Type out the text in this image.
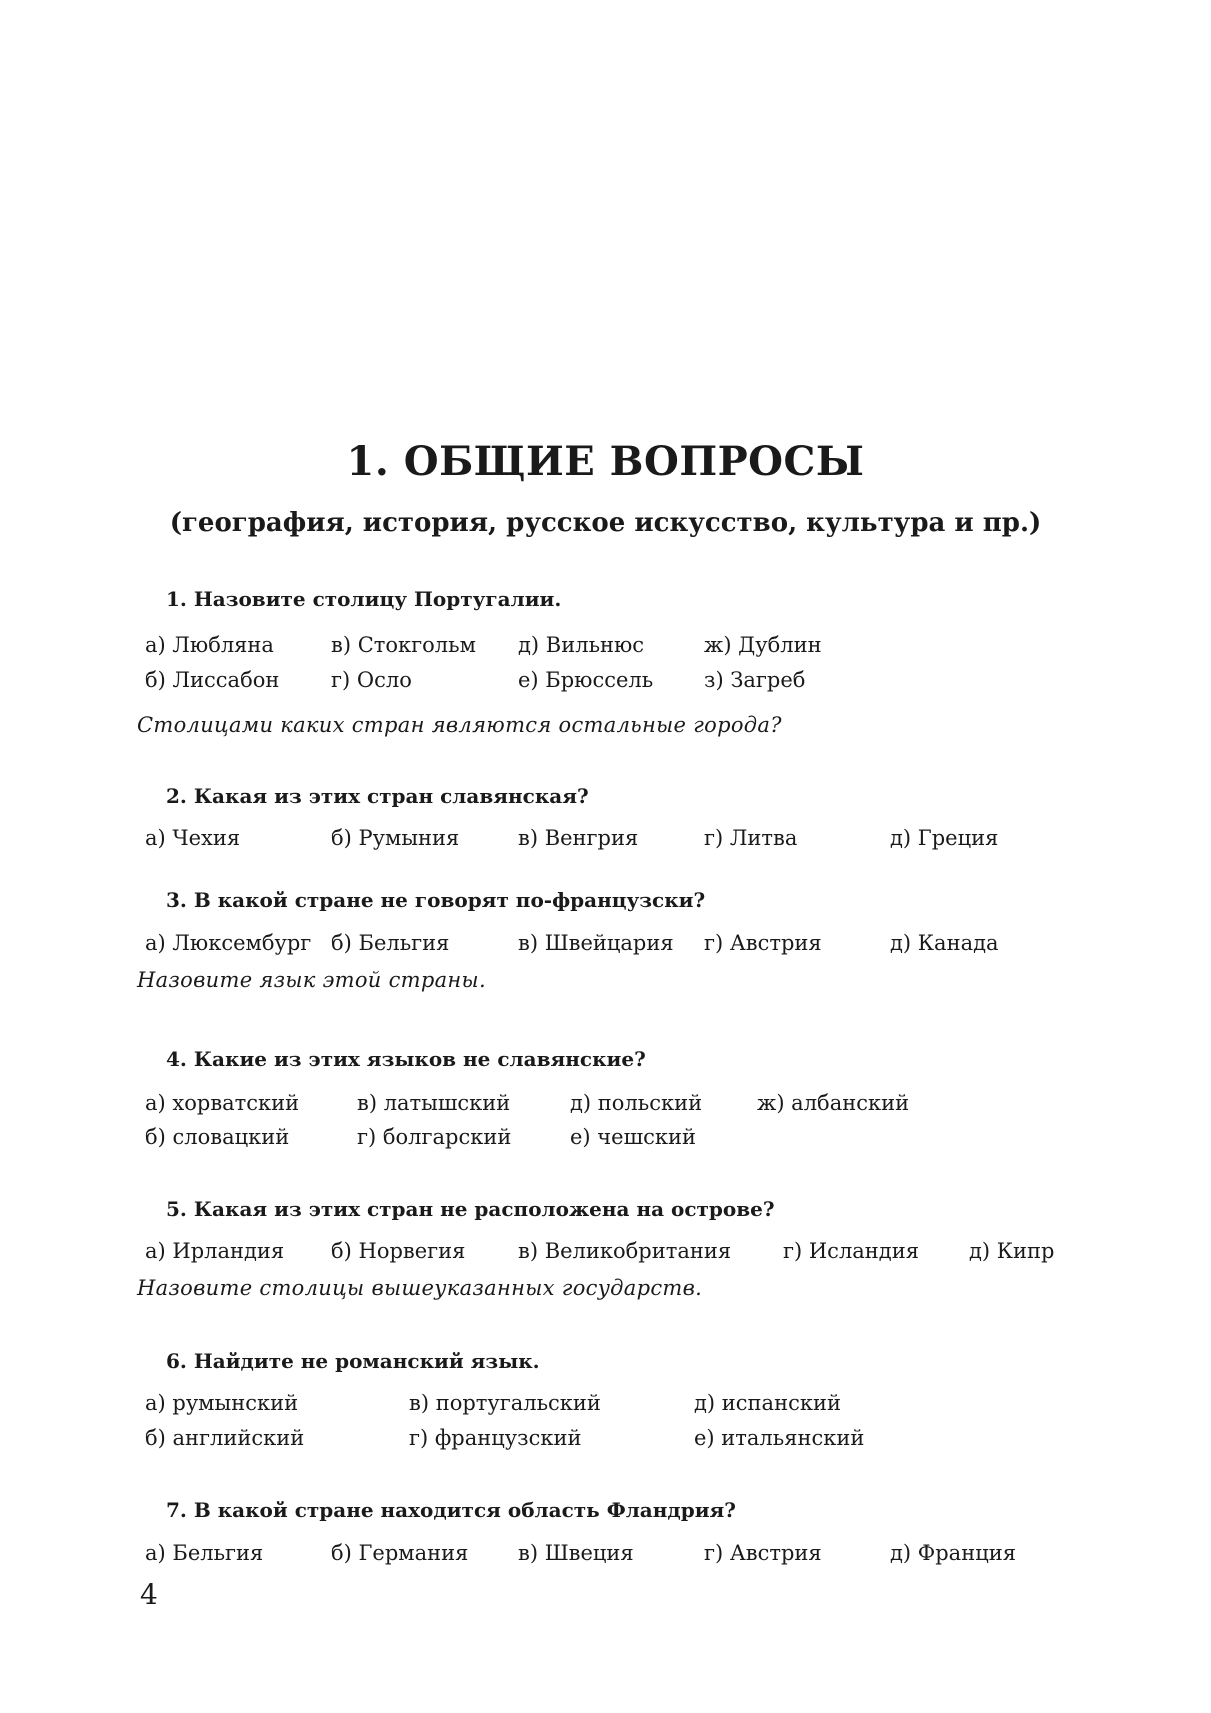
1. ОБЩИЕ ВОПРОСЫ
(география, история, русское искусство, культура и пр.)
1. Назовите столицу Португалии.
а) Любляна	в) Стокгольм д) Вильнюс	ж) Дублин
б) Лиссабон г) Осло	е) Брюссель з) Загреб
Столицами каких стран являются остальные города?
2. Какая из этих стран славянская?
а) Чехия	б) Румыния	в) Венгрия	г) Литва	д) Греция
3. В какой стране не говорят по-французски?
а) Люксембург б) Бельгия	в) Швейцария г) Австрия	д) Канада
Назовите язык этой страны.
4. Какие из этих языков не славянские?
а) хорватский	в) латышский	д) польский	ж) албанский
б) словацкий	г) болгарский	е) чешский
5. Какая из этих стран не расположена на острове?
а) Ирландия б) Норвегия	в) Великобритания г) Исландия д) Кипр
Назовите столицы вышеуказанных государств.
6. Найдите не романский язык.
а) румынский	в) португальский	д) испанский
б) английский	г) французский	е) итальянский
7. В какой стране находится область Фландрия?
а) Бельгия	б) Германия в) Швеция	г) Австрия	д) Франция
4
